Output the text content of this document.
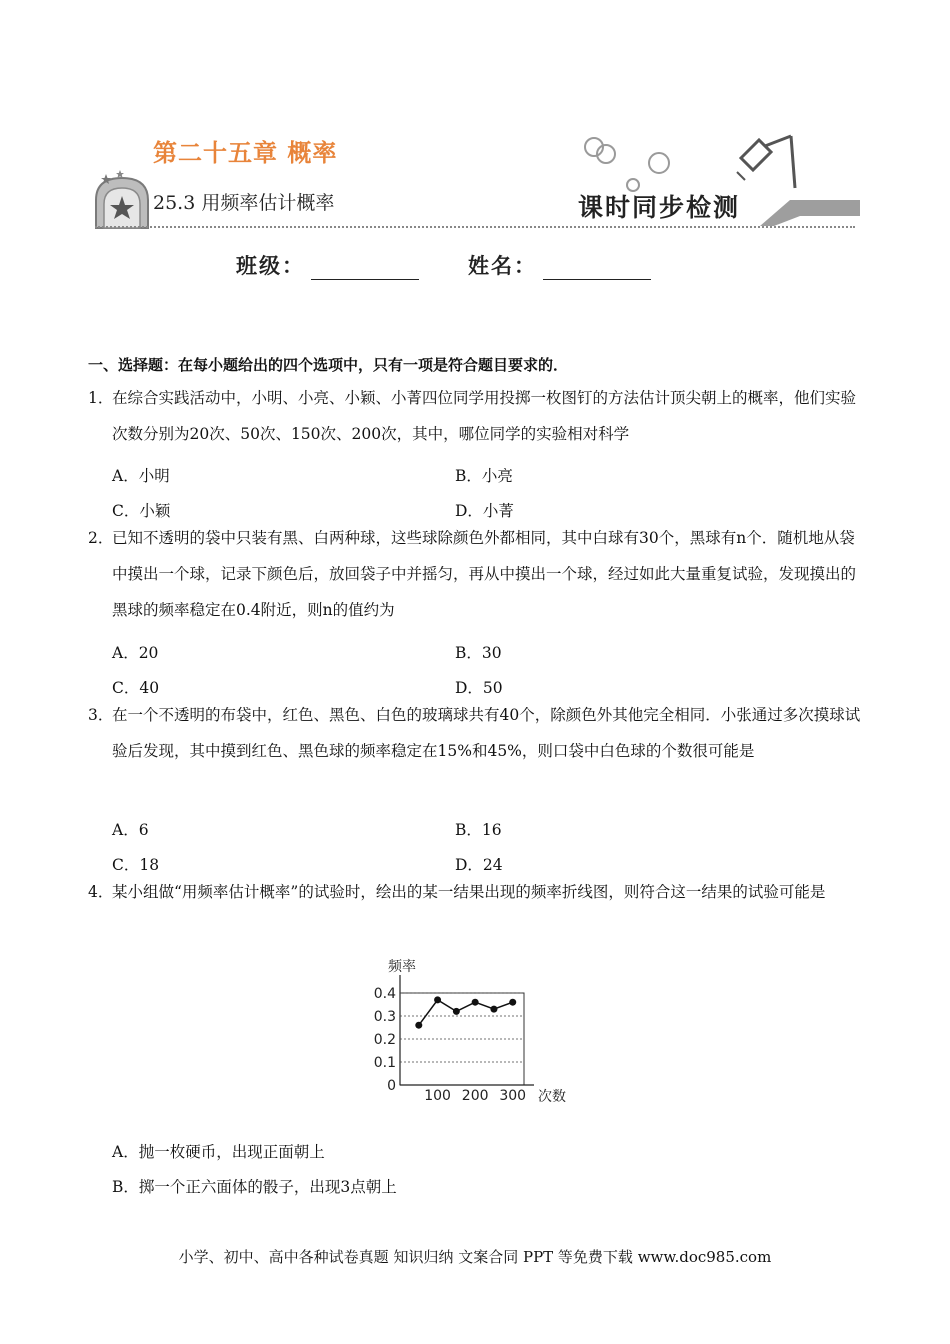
第二十五章 概率
25.3 用频率估计概率	课时同步检测
班级：	姓名：
一、选择题：在每小题给出的四个选项中，只有一项是符合题目要求的．
1．
在综合实践活动中，小明、小亮、小颖、小菁四位同学用投掷一枚图钉的方法估计顶尖朝上的概率，他们实验次数分别为20次、50次、150次、200次，其中，哪位同学的实验相对科学
A．小明	B．小亮
C．小颖	D．小菁
2．
已知不透明的袋中只装有黑、白两种球，这些球除颜色外都相同，其中白球有30个，黑球有n个．随机地从袋中摸出一个球，记录下颜色后，放回袋子中并摇匀，再从中摸出一个球，经过如此大量重复试验，发现摸出的黑球的频率稳定在0.4附近，则n的值约为
A．20	B．30
C．40	D．50
3．
在一个不透明的布袋中，红色、黑色、白色的玻璃球共有40个，除颜色外其他完全相同．小张通过多次摸球试验后发现，其中摸到红色、黑色球的频率稳定在15%和45%，则口袋中白色球的个数很可能是
A．6	B．16
C．18	D．24
4．
某小组做“用频率估计概率”的试验时，绘出的某一结果出现的频率折线图，则符合这一结果的试验可能是
A．抛一枚硬币，出现正面朝上
B．掷一个正六面体的骰子，出现3点朝上
0
0.1
0.2
0.3
0.4
100 200 300
频率
次数
小学、初中、高中各种试卷真题 知识归纳 文案合同 PPT 等免费下载 www.doc985.com
